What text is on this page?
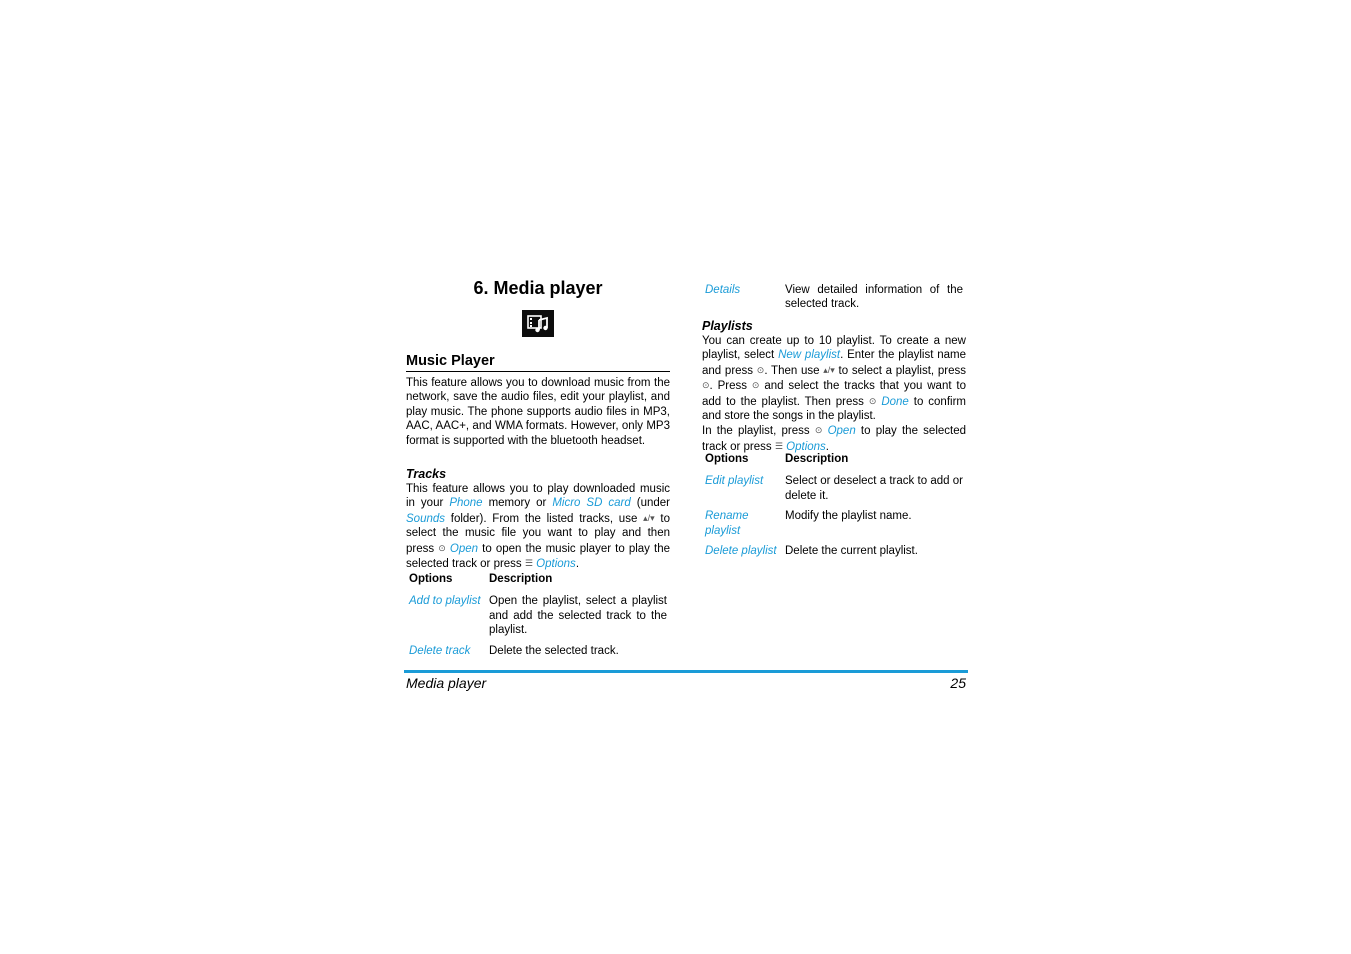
6. Media player
Music Player
This feature allows you to download music from the network, save the audio files, edit your playlist, and play music. The phone supports audio files in MP3, AAC, AAC+, and WMA formats. However, only MP3 format is supported with the bluetooth headset.
Tracks
This feature allows you to play downloaded music in your Phone memory or Micro SD card (under Sounds folder). From the listed tracks, use ▴/▾ to select the music file you want to play and then press ⊙ Open to open the music player to play the selected track or press ☰ Options.
Options	Description
Add to playlist	Open the playlist, select a playlist and add the selected track to the playlist.
Delete track	Delete the selected track.
Details	View detailed information of the selected track.
Playlists
You can create up to 10 playlist. To create a new playlist, select New playlist. Enter the playlist name and press ⊙. Then use ▴/▾ to select a playlist, press ⊙. Press ⊙ and select the tracks that you want to add to the playlist. Then press ⊙ Done to confirm and store the songs in the playlist.
In the playlist, press ⊙ Open to play the selected track or press ☰ Options.
Options	Description
Edit playlist	Select or deselect a track to add or delete it.
Rename playlist	Modify the playlist name.
Delete playlist	Delete the current playlist.
Media player	25
